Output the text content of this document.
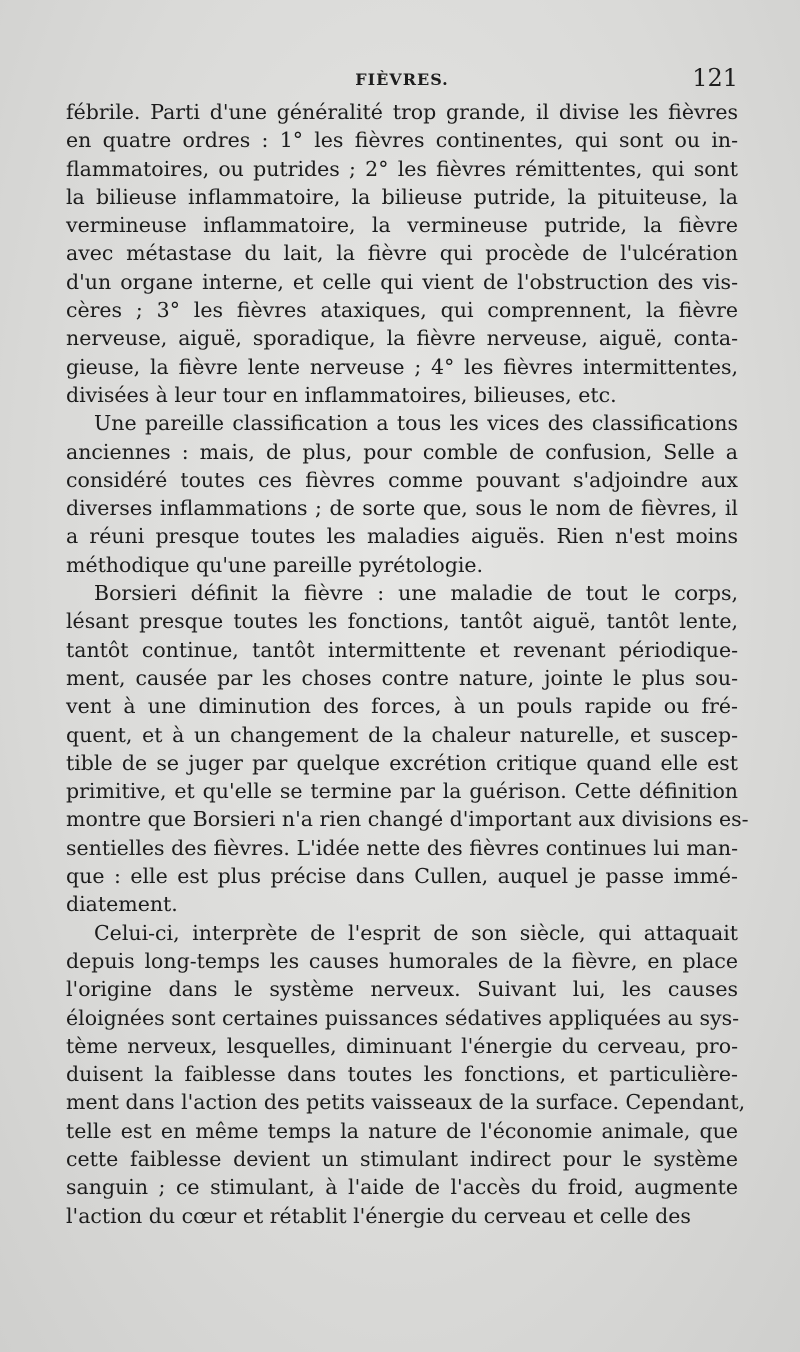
FIÈVRES.	121

fébrile. Parti d'une généralité trop grande, il divise les fièvres
en quatre ordres : 1° les fièvres continentes, qui sont ou in-
flammatoires, ou putrides ; 2° les fièvres rémittentes, qui sont
la bilieuse inflammatoire, la bilieuse putride, la pituiteuse, la
vermineuse inflammatoire, la vermineuse putride, la fièvre
avec métastase du lait, la fièvre qui procède de l'ulcération
d'un organe interne, et celle qui vient de l'obstruction des vis-
cères ; 3° les fièvres ataxiques, qui comprennent, la fièvre
nerveuse, aiguë, sporadique, la fièvre nerveuse, aiguë, conta-
gieuse, la fièvre lente nerveuse ; 4° les fièvres intermittentes,
divisées à leur tour en inflammatoires, bilieuses, etc.

Une pareille classification a tous les vices des classifications
anciennes : mais, de plus, pour comble de confusion, Selle a
considéré toutes ces fièvres comme pouvant s'adjoindre aux
diverses inflammations ; de sorte que, sous le nom de fièvres, il
a réuni presque toutes les maladies aiguës. Rien n'est moins
méthodique qu'une pareille pyrétologie.

Borsieri définit la fièvre : une maladie de tout le corps,
lésant presque toutes les fonctions, tantôt aiguë, tantôt lente,
tantôt continue, tantôt intermittente et revenant périodique-
ment, causée par les choses contre nature, jointe le plus sou-
vent à une diminution des forces, à un pouls rapide ou fré-
quent, et à un changement de la chaleur naturelle, et suscep-
tible de se juger par quelque excrétion critique quand elle est
primitive, et qu'elle se termine par la guérison. Cette définition
montre que Borsieri n'a rien changé d'important aux divisions es-
sentielles des fièvres. L'idée nette des fièvres continues lui man-
que : elle est plus précise dans Cullen, auquel je passe immé-
diatement.

Celui-ci, interprète de l'esprit de son siècle, qui attaquait
depuis long-temps les causes humorales de la fièvre, en place
l'origine dans le système nerveux. Suivant lui, les causes
éloignées sont certaines puissances sédatives appliquées au sys-
tème nerveux, lesquelles, diminuant l'énergie du cerveau, pro-
duisent la faiblesse dans toutes les fonctions, et particulière-
ment dans l'action des petits vaisseaux de la surface. Cependant,
telle est en même temps la nature de l'économie animale, que
cette faiblesse devient un stimulant indirect pour le système
sanguin ; ce stimulant, à l'aide de l'accès du froid, augmente
l'action du cœur et rétablit l'énergie du cerveau et celle des
